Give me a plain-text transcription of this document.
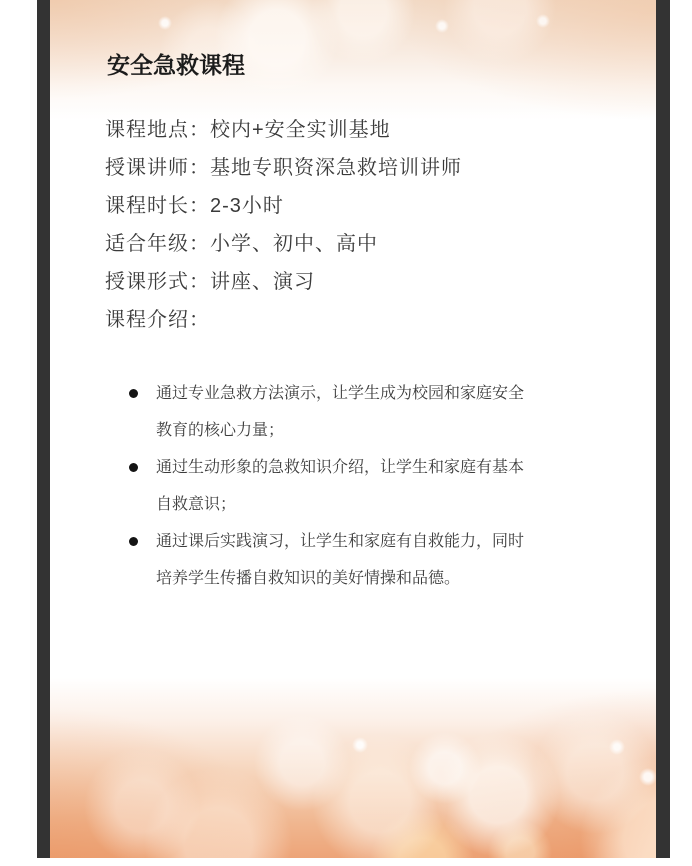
安全急救课程
课程地点：校内+安全实训基地
授课讲师：基地专职资深急救培训讲师
课程时长：2-3小时
适合年级：小学、初中、高中
授课形式：讲座、演习
课程介绍：
通过专业急救方法演示，让学生成为校园和家庭安全教育的核心力量；
通过生动形象的急救知识介绍，让学生和家庭有基本自救意识；
通过课后实践演习，让学生和家庭有自救能力，同时培养学生传播自救知识的美好情操和品德。
